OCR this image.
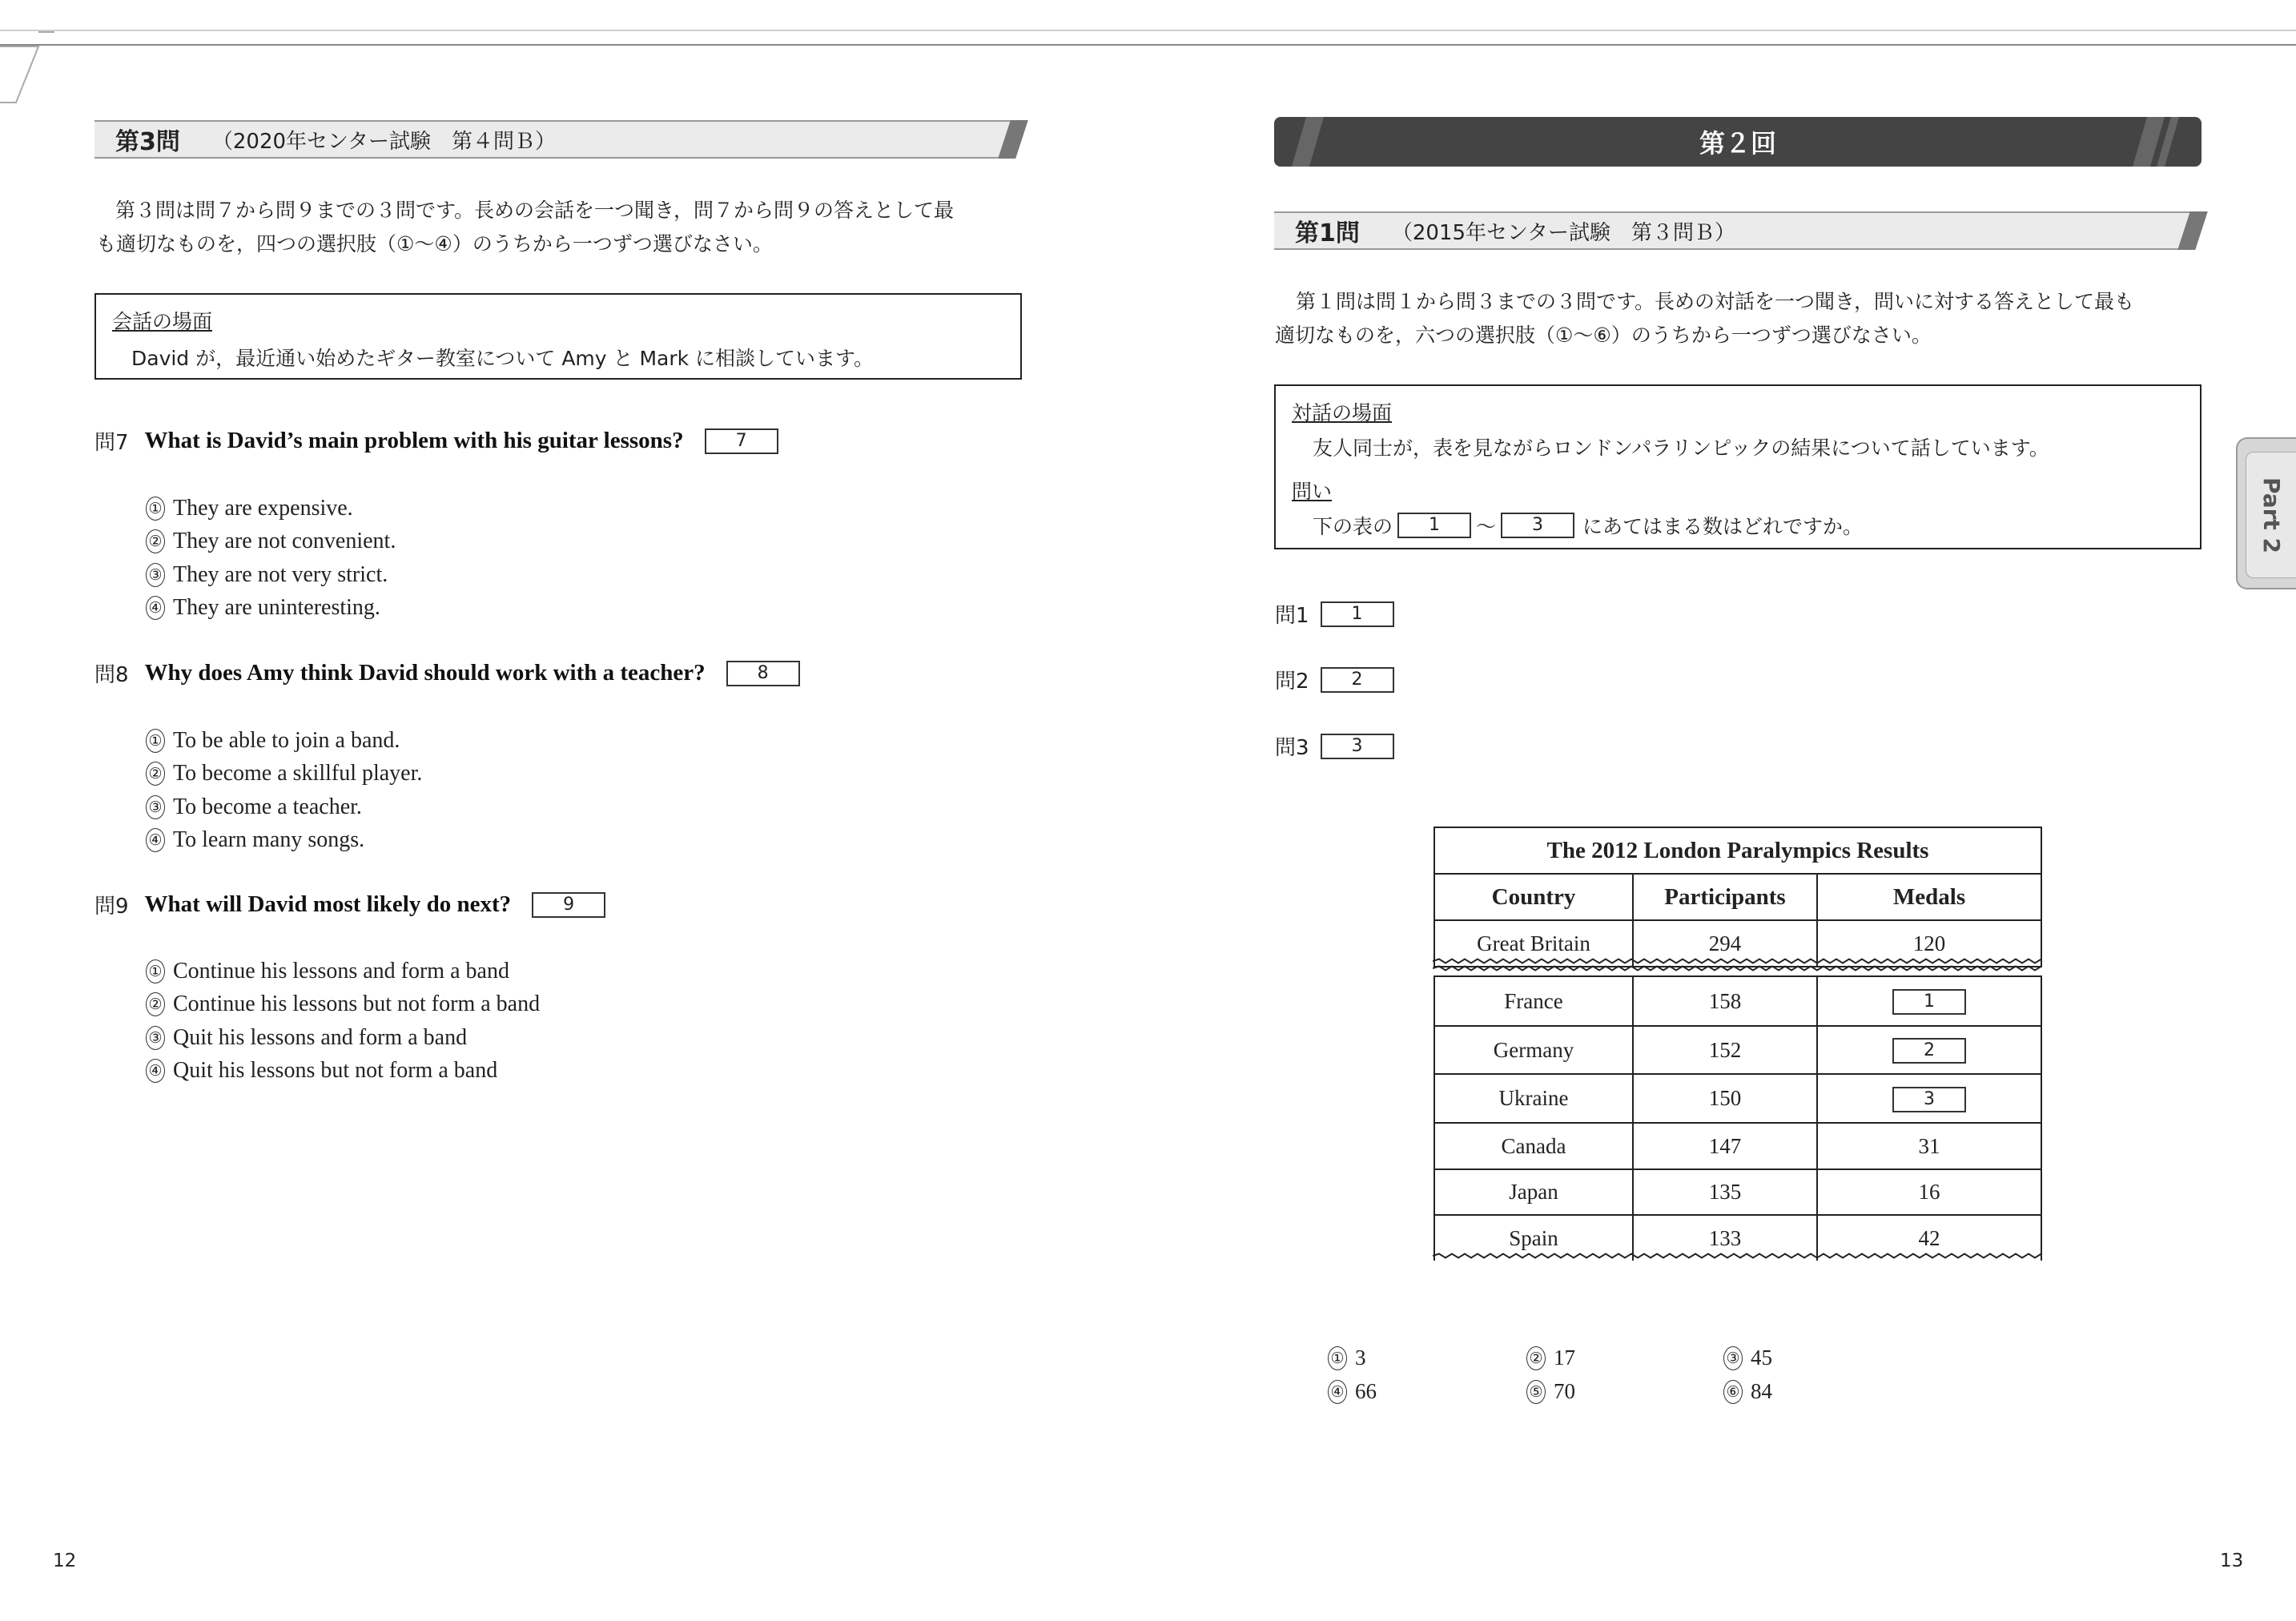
第3問 （2020年センター試験　第４問Ｂ）
第３問は問７から問９までの３問です。長めの会話を一つ聞き，問７から問９の答えとして最
も適切なものを，四つの選択肢（①～④）のうちから一つずつ選びなさい。
会話の場面
David が，最近通い始めたギター教室について Amy と Mark に相談しています。
問7 What is David’s main problem with his guitar lessons?	7
① They are expensive.
② They are not convenient.
③ They are not very strict.
④ They are uninteresting.
問8 Why does Amy think David should work with a teacher?	8
① To be able to join a band.
② To become a skillful player.
③ To become a teacher.
④ To learn many songs.
問9 What will David most likely do next?	9
① Continue his lessons and form a band
② Continue his lessons but not form a band
③ Quit his lessons and form a band
④ Quit his lessons but not form a band
12
第２回
第1問 （2015年センター試験　第３問Ｂ）
第１問は問１から問３までの３問です。長めの対話を一つ聞き，問いに対する答えとして最も
適切なものを，六つの選択肢（①～⑥）のうちから一つずつ選びなさい。
対話の場面
友人同士が，表を見ながらロンドンパラリンピックの結果について話しています。
問い
下の表の	1	～	3	にあてはまる数はどれですか。
問1	1
問2	2
問3	3
The 2012 London Paralympics Results		
Country	Participants	Medals
Great Britain	294	120

France	158	1
Germany	152	2
Ukraine	150	3
Canada	147	31
Japan	135	16
Spain	133	42
① 3	② 17	③ 45
④ 66	⑤ 70	⑥ 84
Part 2
13
